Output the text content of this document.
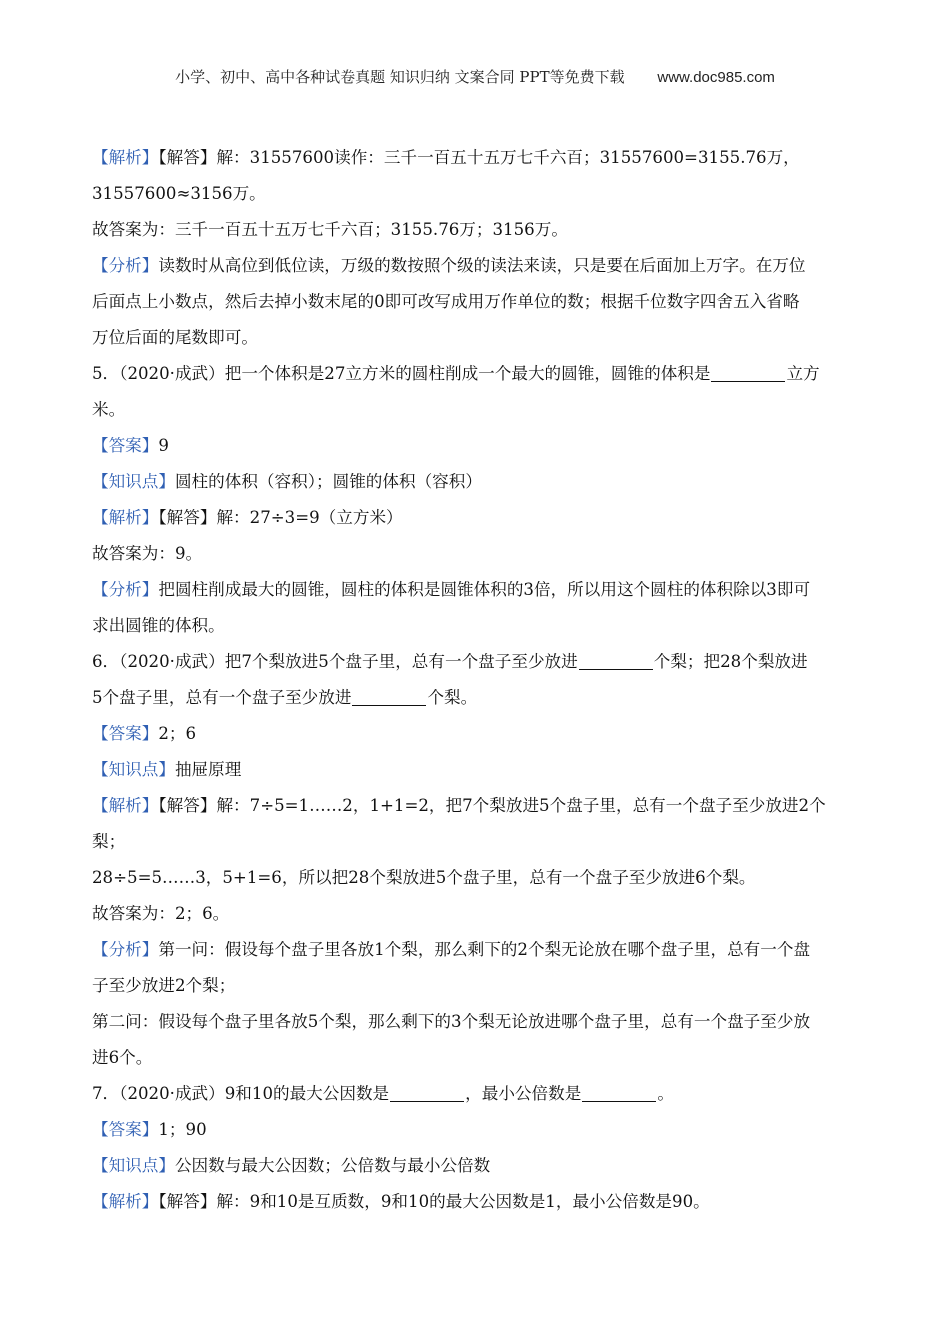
小学、初中、高中各种试卷真题 知识归纳 文案合同 PPT等免费下载 www.doc985.com

【解析】【解答】解：31557600读作：三千一百五十五万七千六百；31557600=3155.76万，

31557600≈3156万。

故答案为：三千一百五十五万七千六百；3155.76万；3156万。

【分析】读数时从高位到低位读，万级的数按照个级的读法来读，只是要在后面加上万字。在万位

后面点上小数点，然后去掉小数末尾的0即可改写成用万作单位的数；根据千位数字四舍五入省略

万位后面的尾数即可。

5．（2020·成武）把一个体积是27立方米的圆柱削成一个最大的圆锥，圆锥的体积是	立方

米。

【答案】9

【知识点】圆柱的体积（容积）；圆锥的体积（容积）

【解析】【解答】解：27÷3=9（立方米）

故答案为：9。

【分析】把圆柱削成最大的圆锥，圆柱的体积是圆锥体积的3倍，所以用这个圆柱的体积除以3即可

求出圆锥的体积。

6．（2020·成武）把7个梨放进5个盘子里，总有一个盘子至少放进	个梨；把28个梨放进

5个盘子里，总有一个盘子至少放进	个梨。

【答案】2；6

【知识点】抽屉原理

【解析】【解答】解：7÷5=1……2，1+1=2，把7个梨放进5个盘子里，总有一个盘子至少放进2个

梨；

28÷5=5……3，5+1=6，所以把28个梨放进5个盘子里，总有一个盘子至少放进6个梨。

故答案为：2；6。

【分析】第一问：假设每个盘子里各放1个梨，那么剩下的2个梨无论放在哪个盘子里，总有一个盘

子至少放进2个梨；

第二问：假设每个盘子里各放5个梨，那么剩下的3个梨无论放进哪个盘子里，总有一个盘子至少放

进6个。

7．（2020·成武）9和10的最大公因数是	，最小公倍数是	。

【答案】1；90

【知识点】公因数与最大公因数；公倍数与最小公倍数

【解析】【解答】解：9和10是互质数，9和10的最大公因数是1，最小公倍数是90。
